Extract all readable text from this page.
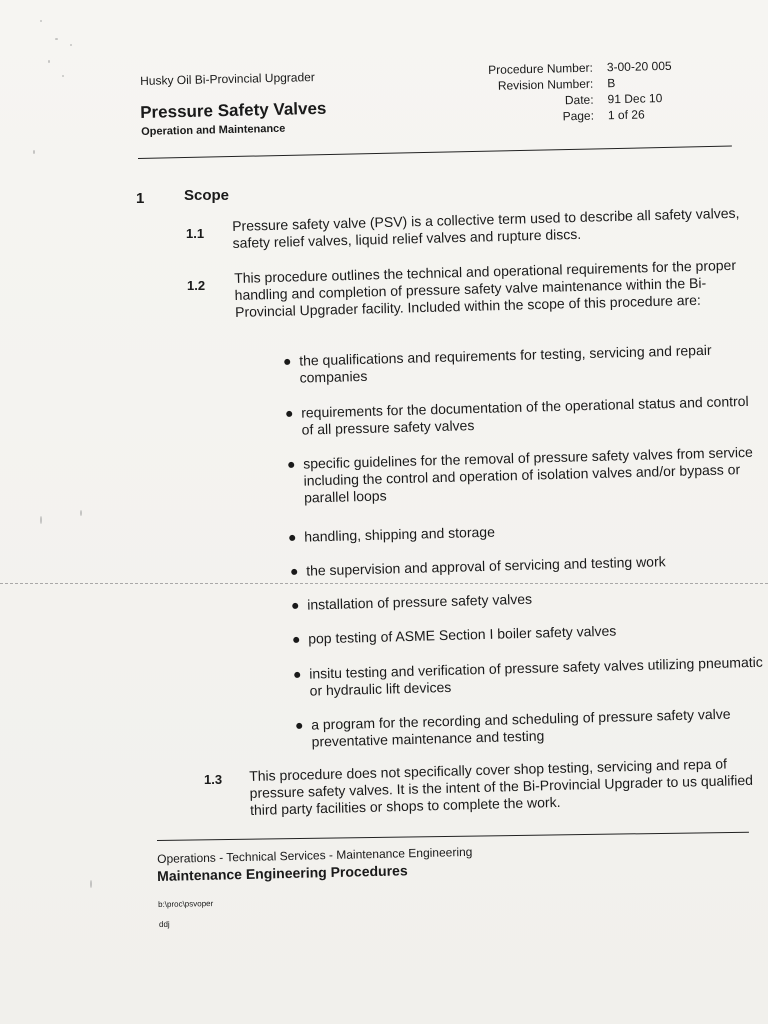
Husky Oil Bi-Provincial Upgrader
Pressure Safety Valves
Operation and Maintenance
Procedure Number:	3-00-20 005
Revision Number:	B
Date:	91 Dec 10
Page:	1 of 26
1	Scope
1.1 Pressure safety valve (PSV) is a collective term used to describe all safety valves, safety relief valves, liquid relief valves and rupture discs.
1.2 This procedure outlines the technical and operational requirements for the proper handling and completion of pressure safety valve maintenance within the Bi-Provincial Upgrader facility. Included within the scope of this procedure are:
the qualifications and requirements for testing, servicing and repair companies
requirements for the documentation of the operational status and control of all pressure safety valves
specific guidelines for the removal of pressure safety valves from service including the control and operation of isolation valves and/or bypass or parallel loops
handling, shipping and storage
the supervision and approval of servicing and testing work
installation of pressure safety valves
pop testing of ASME Section I boiler safety valves
insitu testing and verification of pressure safety valves utilizing pneumatic or hydraulic lift devices
a program for the recording and scheduling of pressure safety valve preventative maintenance and testing
1.3 This procedure does not specifically cover shop testing, servicing and repa of pressure safety valves. It is the intent of the Bi-Provincial Upgrader to us qualified third party facilities or shops to complete the work.
Operations - Technical Services - Maintenance Engineering
Maintenance Engineering Procedures
b:\proc\psvoper
ddj
